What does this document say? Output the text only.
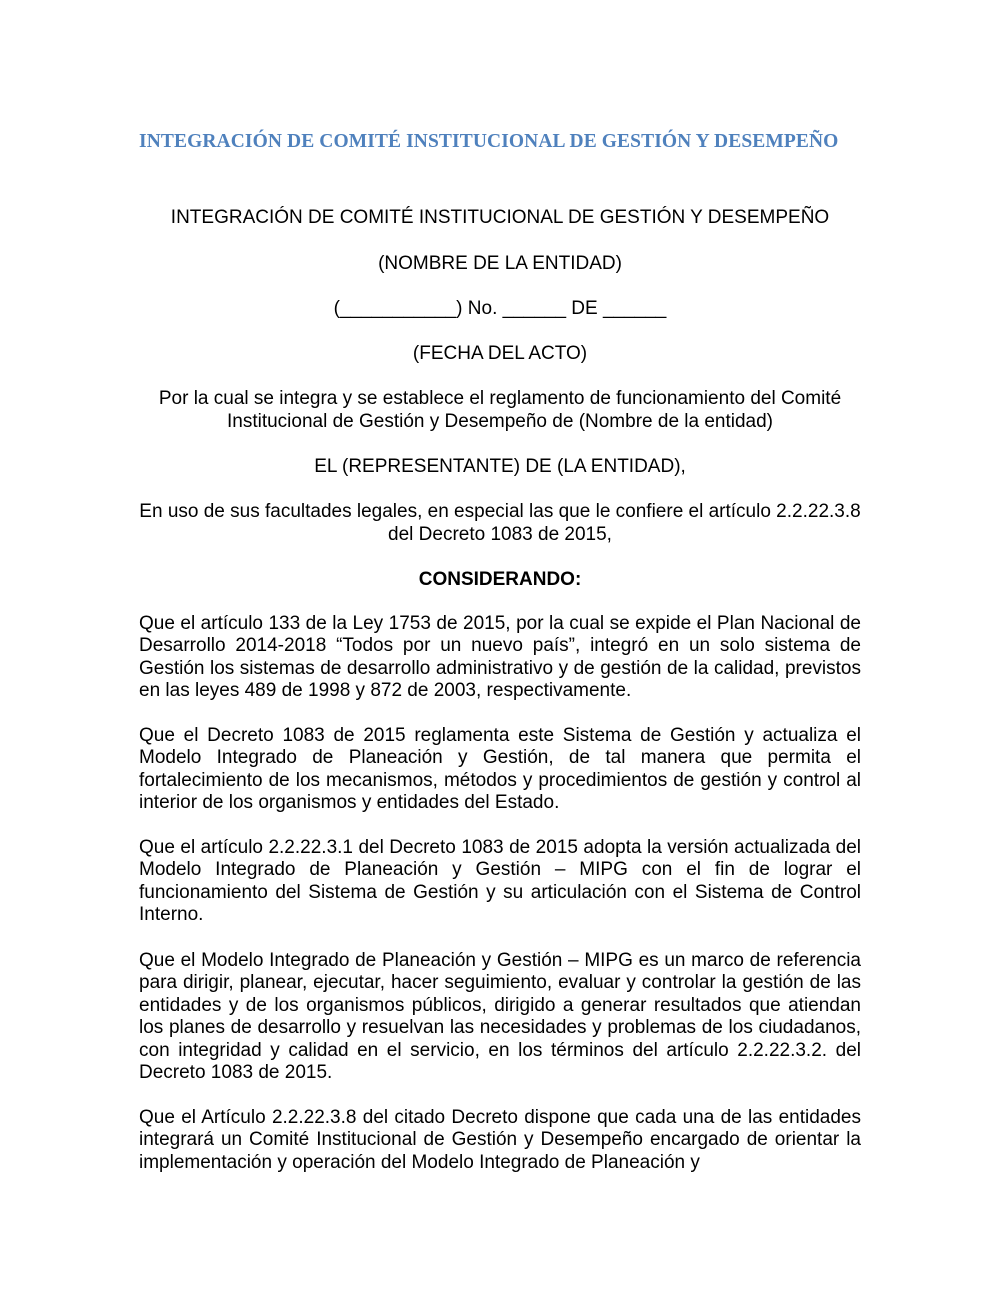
INTEGRACIÓN DE COMITÉ INSTITUCIONAL DE GESTIÓN Y DESEMPEÑO
INTEGRACIÓN DE COMITÉ INSTITUCIONAL DE GESTIÓN Y DESEMPEÑO
(NOMBRE DE LA ENTIDAD)
(___________) No. ______ DE ______
(FECHA DEL ACTO)
Por la cual se integra y se establece el reglamento de funcionamiento del Comité Institucional de Gestión y Desempeño de (Nombre de la entidad)
EL (REPRESENTANTE) DE (LA ENTIDAD),
En uso de sus facultades legales, en especial las que le confiere el artículo 2.2.22.3.8 del Decreto 1083 de 2015,
CONSIDERANDO:
Que el artículo 133 de la Ley 1753 de 2015, por la cual se expide el Plan Nacional de Desarrollo 2014-2018 “Todos por un nuevo país”, integró en un solo sistema de Gestión los sistemas de desarrollo administrativo y de gestión de la calidad, previstos en las leyes 489 de 1998 y 872 de 2003, respectivamente.
Que el Decreto 1083 de 2015 reglamenta este Sistema de Gestión y actualiza el Modelo Integrado de Planeación y Gestión, de tal manera que permita el fortalecimiento de los mecanismos, métodos y procedimientos de gestión y control al interior de los organismos y entidades del Estado.
Que el artículo 2.2.22.3.1 del Decreto 1083 de 2015 adopta la versión actualizada del Modelo Integrado de Planeación y Gestión – MIPG con el fin de lograr el funcionamiento del Sistema de Gestión y su articulación con el Sistema de Control Interno.
Que el Modelo Integrado de Planeación y Gestión – MIPG es un marco de referencia para dirigir, planear, ejecutar, hacer seguimiento, evaluar y controlar la gestión de las entidades y de los organismos públicos, dirigido a generar resultados que atiendan los planes de desarrollo y resuelvan las necesidades y problemas de los ciudadanos, con integridad y calidad en el servicio, en los términos del artículo 2.2.22.3.2. del Decreto 1083 de 2015.
Que el Artículo 2.2.22.3.8 del citado Decreto dispone que cada una de las entidades integrará un Comité Institucional de Gestión y Desempeño encargado de orientar la implementación y operación del Modelo Integrado de Planeación y
